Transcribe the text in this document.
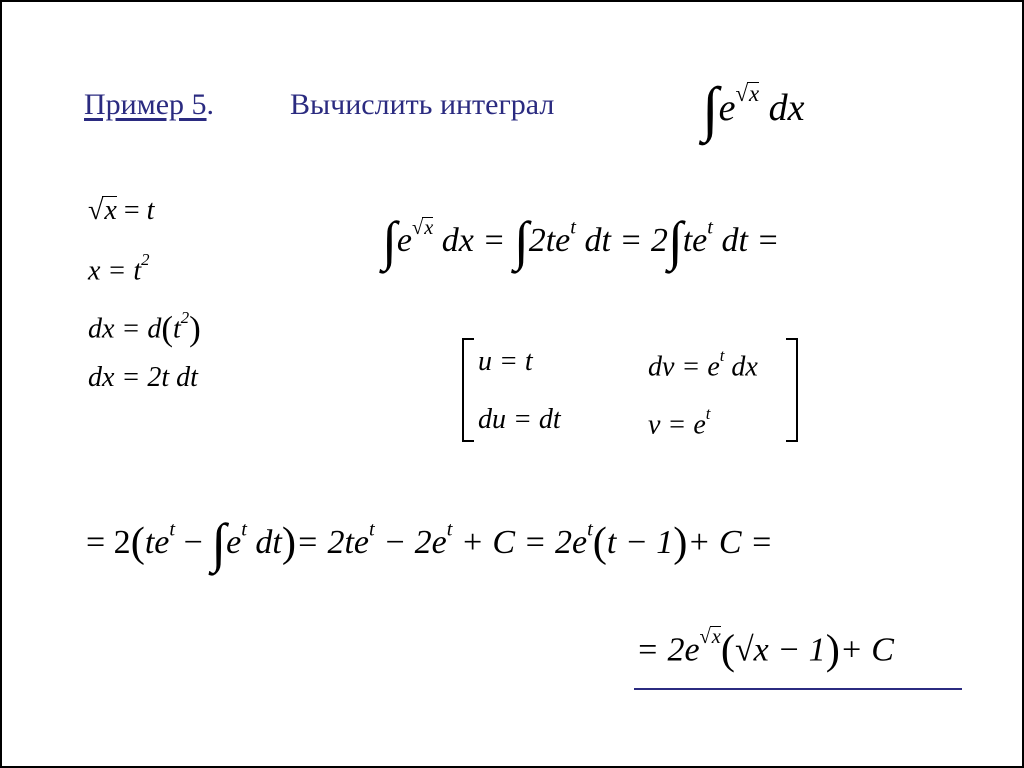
Пример 5.	Вычислить интеграл $\int e^{√x}$ dx
√x = t
$x = t^2$
dx = $d(t^2)$
dx = 2t dt
$\int e^{√x}$ dx = $\int 2te^t$ dt = $2\int te^t$ dt =
u = t	dv = $e^t$ dx
du = dt	$v = e^t$
= $2(te^t - \int e^t$ $dt)= 2te^t - 2e^t + C = 2e^t(t - 1)+ C$ =
= $2e^{√x}(√x - 1)+ C$
